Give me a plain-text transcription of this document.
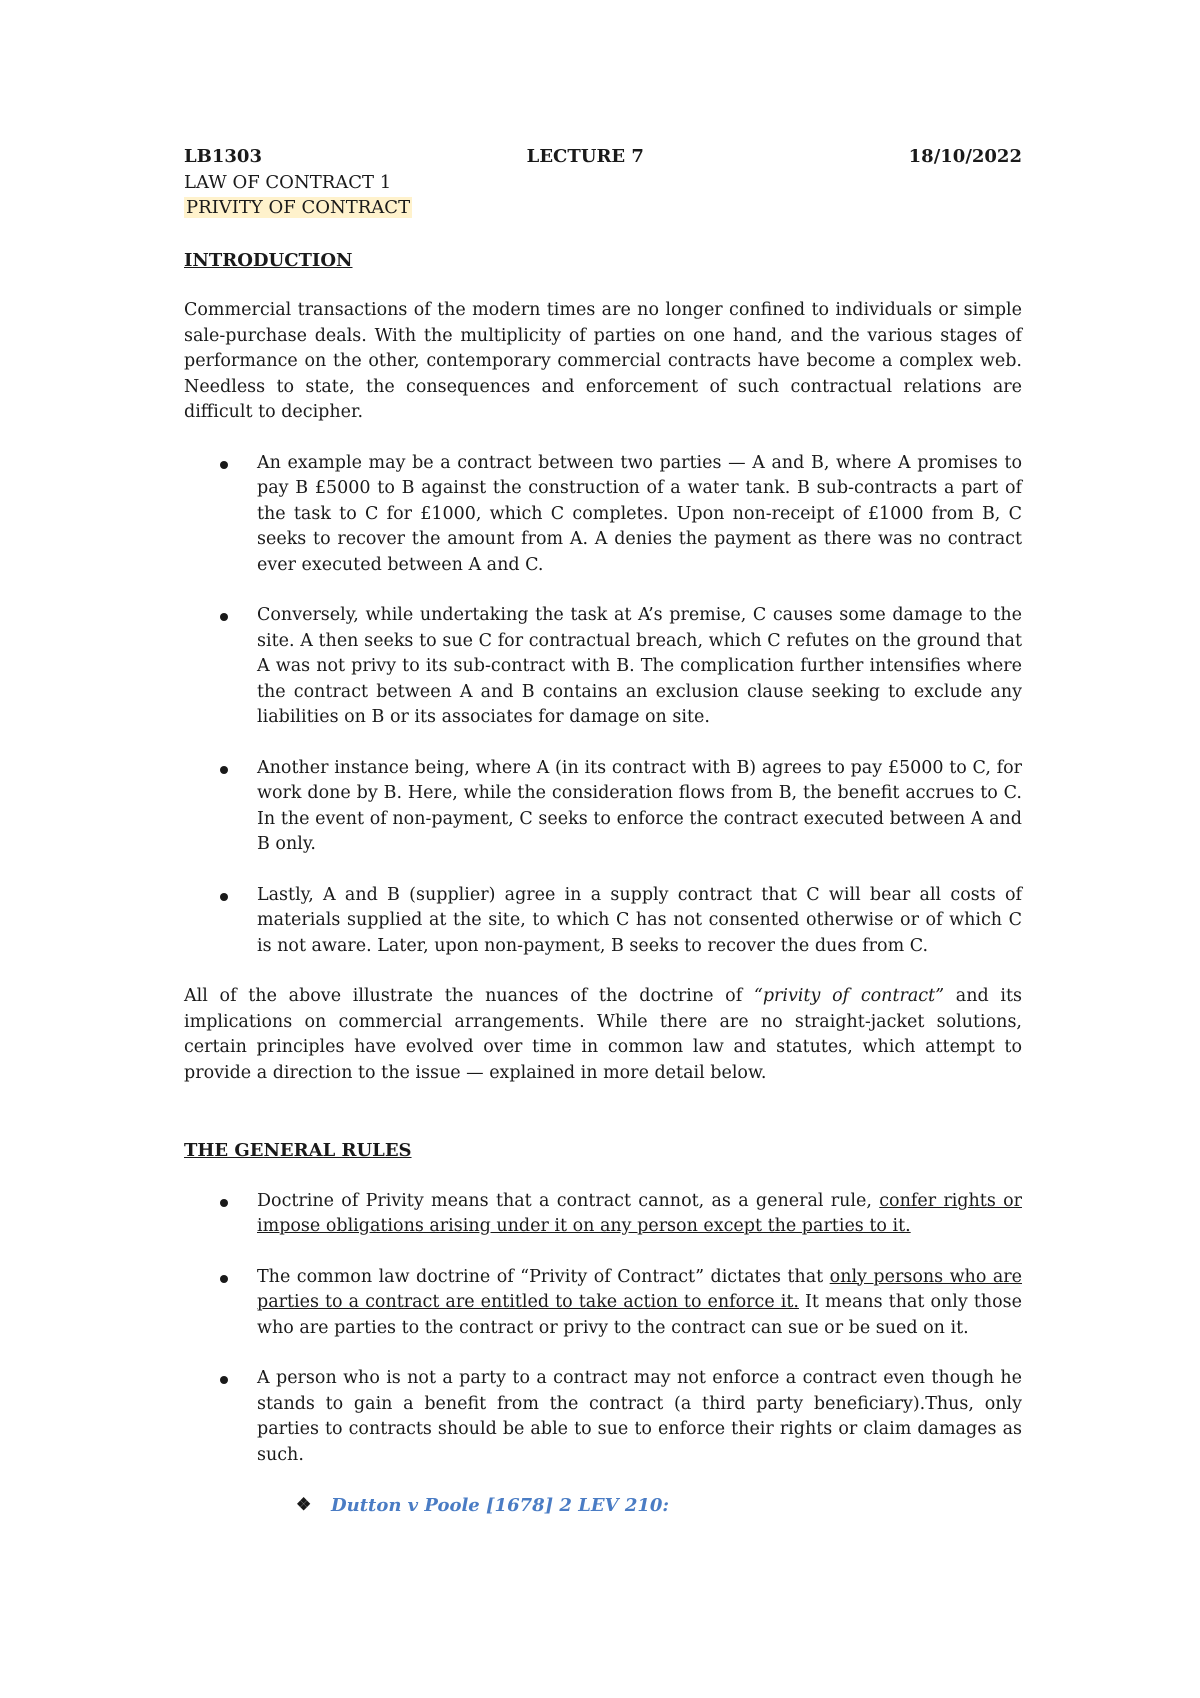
LB1303	LECTURE 7	18/10/2022
LAW OF CONTRACT 1
PRIVITY OF CONTRACT
INTRODUCTION

Commercial transactions of the modern times are no longer confined to individuals or simple sale-purchase deals. With the multiplicity of parties on one hand, and the various stages of performance on the other, contemporary commercial contracts have become a complex web. Needless to state, the consequences and enforcement of such contractual relations are difficult to decipher.

An example may be a contract between two parties — A and B, where A promises to pay B £5000 to B against the construction of a water tank. B sub-contracts a part of the task to C for £1000, which C completes. Upon non-receipt of £1000 from B, C seeks to recover the amount from A. A denies the payment as there was no contract ever executed between A and C.
Conversely, while undertaking the task at A’s premise, C causes some damage to the site. A then seeks to sue C for contractual breach, which C refutes on the ground that A was not privy to its sub-contract with B. The complication further intensifies where the contract between A and B contains an exclusion clause seeking to exclude any liabilities on B or its associates for damage on site.
Another instance being, where A (in its contract with B) agrees to pay £5000 to C, for work done by B. Here, while the consideration flows from B, the benefit accrues to C. In the event of non-payment, C seeks to enforce the contract executed between A and B only.
Lastly, A and B (supplier) agree in a supply contract that C will bear all costs of materials supplied at the site, to which C has not consented otherwise or of which C is not aware. Later, upon non-payment, B seeks to recover the dues from C.

All of the above illustrate the nuances of the doctrine of “privity of contract” and its implications on commercial arrangements. While there are no straight-jacket solutions, certain principles have evolved over time in common law and statutes, which attempt to provide a direction to the issue — explained in more detail below.

THE GENERAL RULES
Doctrine of Privity means that a contract cannot, as a general rule, confer rights or impose obligations arising under it on any person except the parties to it.
The common law doctrine of “Privity of Contract” dictates that only persons who are parties to a contract are entitled to take action to enforce it. It means that only those who are parties to the contract or privy to the contract can sue or be sued on it.
A person who is not a party to a contract may not enforce a contract even though he stands to gain a benefit from the contract (a third party beneficiary).Thus, only parties to contracts should be able to sue to enforce their rights or claim damages as such.
❖ Dutton v Poole [1678] 2 LEV 210:
